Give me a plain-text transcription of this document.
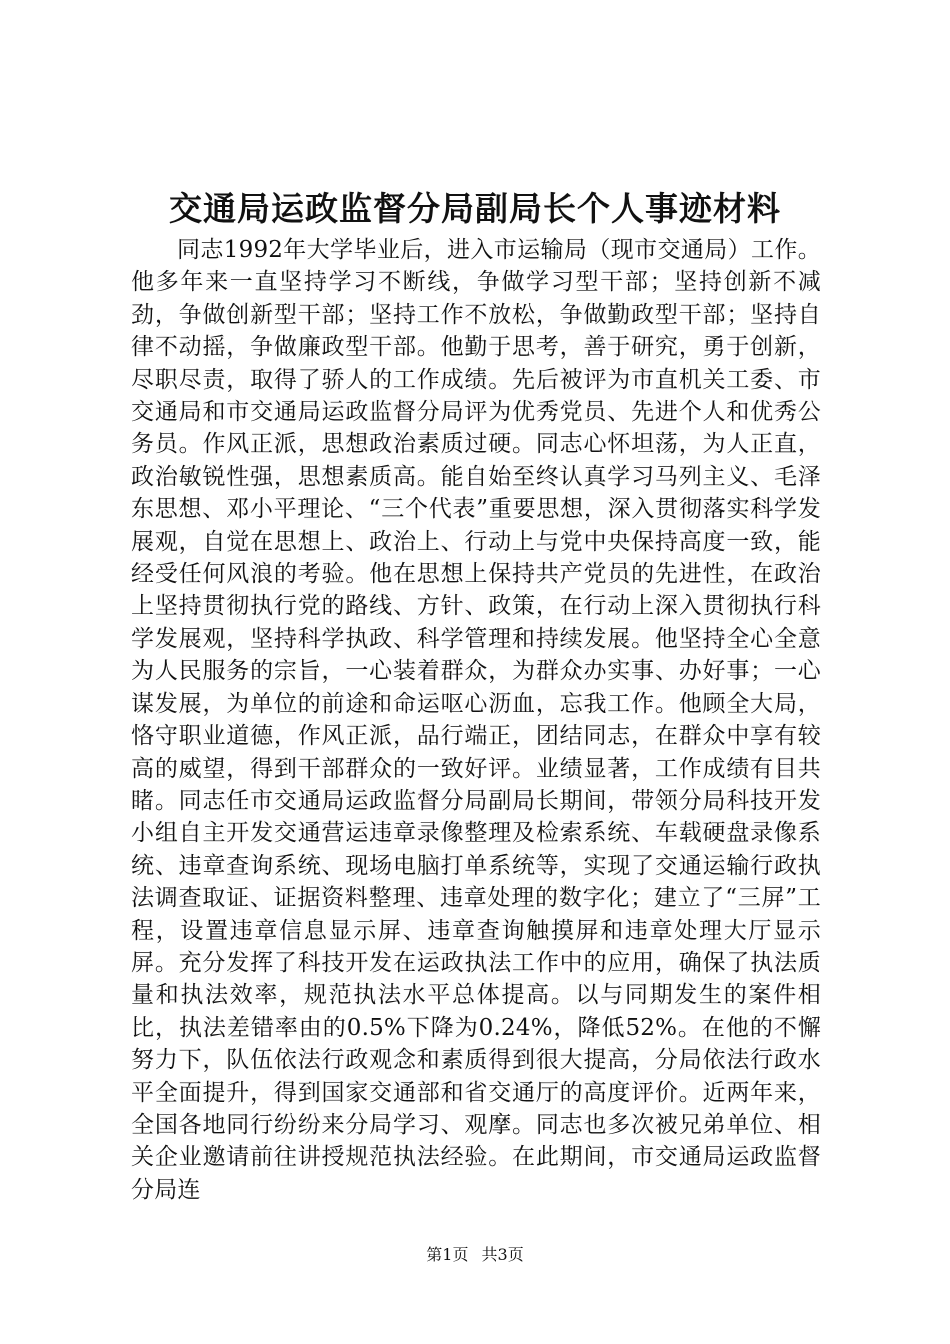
交通局运政监督分局副局长个人事迹材料

同志1992年大学毕业后，进入市运输局（现市交通局）工作。他多年来一直坚持学习不断线，争做学习型干部；坚持创新不减劲，争做创新型干部；坚持工作不放松，争做勤政型干部；坚持自律不动摇，争做廉政型干部。他勤于思考，善于研究，勇于创新，尽职尽责，取得了骄人的工作成绩。先后被评为市直机关工委、市交通局和市交通局运政监督分局评为优秀党员、先进个人和优秀公务员。作风正派，思想政治素质过硬。同志心怀坦荡，为人正直，政治敏锐性强，思想素质高。能自始至终认真学习马列主义、毛泽东思想、邓小平理论、“三个代表”重要思想，深入贯彻落实科学发展观，自觉在思想上、政治上、行动上与党中央保持高度一致，能经受任何风浪的考验。他在思想上保持共产党员的先进性，在政治上坚持贯彻执行党的路线、方针、政策，在行动上深入贯彻执行科学发展观，坚持科学执政、科学管理和持续发展。他坚持全心全意为人民服务的宗旨，一心装着群众，为群众办实事、办好事；一心谋发展，为单位的前途和命运呕心沥血，忘我工作。他顾全大局，恪守职业道德，作风正派，品行端正，团结同志，在群众中享有较高的威望，得到干部群众的一致好评。业绩显著，工作成绩有目共睹。同志任市交通局运政监督分局副局长期间，带领分局科技开发小组自主开发交通营运违章录像整理及检索系统、车载硬盘录像系统、违章查询系统、现场电脑打单系统等，实现了交通运输行政执法调查取证、证据资料整理、违章处理的数字化；建立了“三屏”工程，设置违章信息显示屏、违章查询触摸屏和违章处理大厅显示屏。充分发挥了科技开发在运政执法工作中的应用，确保了执法质量和执法效率，规范执法水平总体提高。以与同期发生的案件相比，执法差错率由的0.5%下降为0.24%，降低52%。在他的不懈努力下，队伍依法行政观念和素质得到很大提高，分局依法行政水平全面提升，得到国家交通部和省交通厅的高度评价。近两年来，全国各地同行纷纷来分局学习、观摩。同志也多次被兄弟单位、相关企业邀请前往讲授规范执法经验。在此期间，市交通局运政监督分局连

第1页 共3页
